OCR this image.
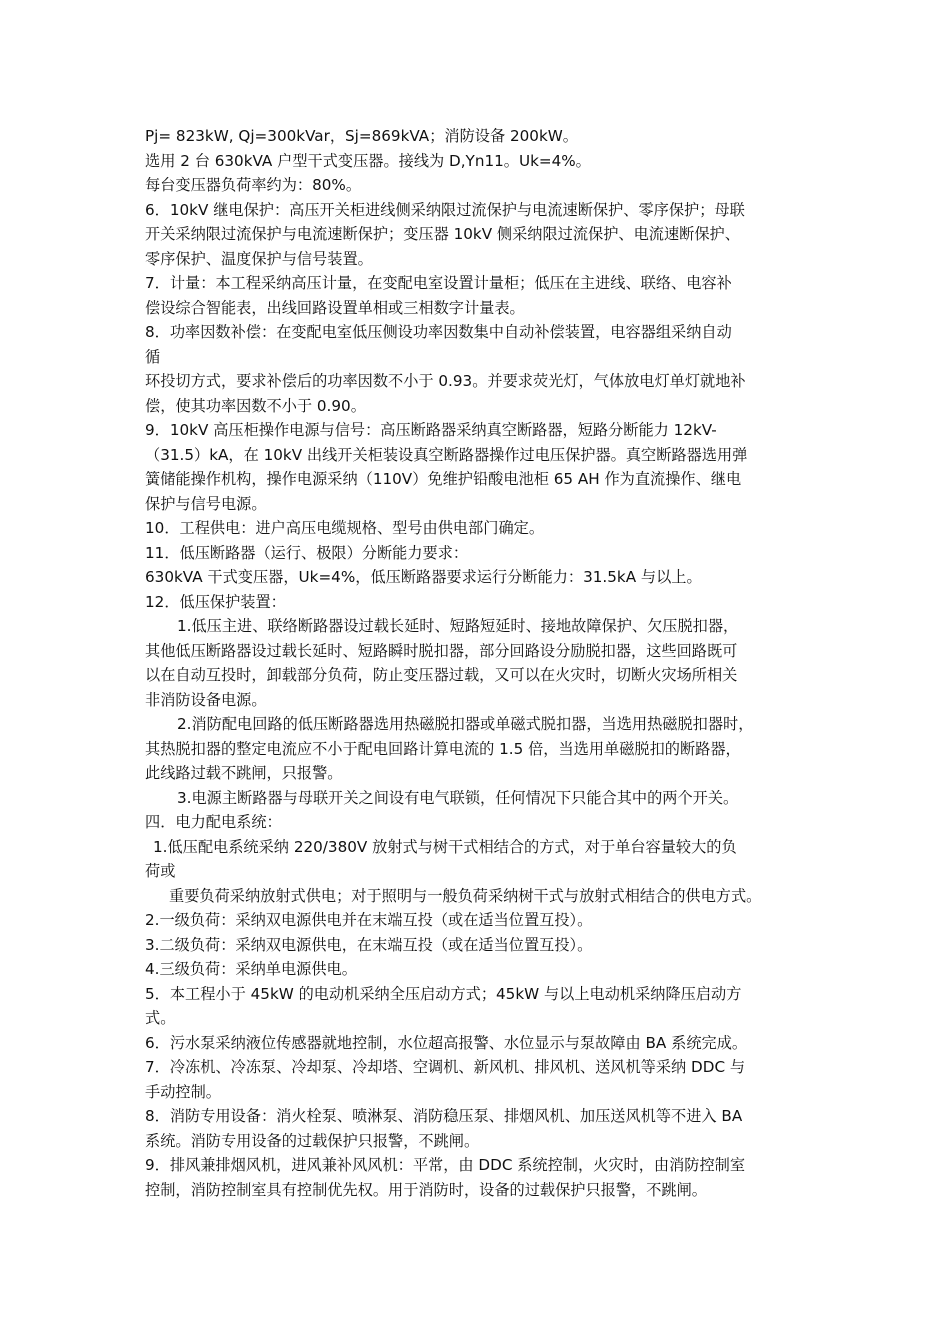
Pj= 823kW, Qj=300kVar，Sj=869kVA；消防设备 200kW。
选用 2 台 630kVA 户型干式变压器。接线为 D,Yn11。Uk=4%。
每台变压器负荷率约为：80%。
6．10kV 继电保护：高压开关柜进线侧采纳限过流保护与电流速断保护、零序保护；母联
开关采纳限过流保护与电流速断保护；变压器 10kV 侧采纳限过流保护、电流速断保护、
零序保护、温度保护与信号装置。
7．计量：本工程采纳高压计量，在变配电室设置计量柜；低压在主进线、联络、电容补
偿设综合智能表，出线回路设置单相或三相数字计量表。
8．功率因数补偿：在变配电室低压侧设功率因数集中自动补偿装置，电容器组采纳自动
循
环投切方式，要求补偿后的功率因数不小于 0.93。并要求荧光灯，气体放电灯单灯就地补
偿，使其功率因数不小于 0.90。
9．10kV 高压柜操作电源与信号：高压断路器采纳真空断路器，短路分断能力 12kV-
（31.5）kA，在 10kV 出线开关柜装设真空断路器操作过电压保护器。真空断路器选用弹
簧储能操作机构，操作电源采纳（110V）免维护铅酸电池柜 65 AH 作为直流操作、继电
保护与信号电源。
10．工程供电：进户高压电缆规格、型号由供电部门确定。
11．低压断路器（运行、极限）分断能力要求：
630kVA 干式变压器，Uk=4%，低压断路器要求运行分断能力：31.5kA 与以上。
12．低压保护装置：
1.低压主进、联络断路器设过载长延时、短路短延时、接地故障保护、欠压脱扣器，
其他低压断路器设过载长延时、短路瞬时脱扣器，部分回路设分励脱扣器，这些回路既可
以在自动互投时，卸载部分负荷，防止变压器过载，又可以在火灾时，切断火灾场所相关
非消防设备电源。
2.消防配电回路的低压断路器选用热磁脱扣器或单磁式脱扣器，当选用热磁脱扣器时，
其热脱扣器的整定电流应不小于配电回路计算电流的 1.5 倍，当选用单磁脱扣的断路器，
此线路过载不跳闸，只报警。
3.电源主断路器与母联开关之间设有电气联锁，任何情况下只能合其中的两个开关。
四．电力配电系统：
1.低压配电系统采纳 220/380V 放射式与树干式相结合的方式，对于单台容量较大的负
荷或
重要负荷采纳放射式供电；对于照明与一般负荷采纳树干式与放射式相结合的供电方式。
2.一级负荷：采纳双电源供电并在末端互投（或在适当位置互投）。
3.二级负荷：采纳双电源供电，在末端互投（或在适当位置互投）。
4.三级负荷：采纳单电源供电。
5．本工程小于 45kW 的电动机采纳全压启动方式；45kW 与以上电动机采纳降压启动方
式。
6．污水泵采纳液位传感器就地控制，水位超高报警、水位显示与泵故障由 BA 系统完成。
7．冷冻机、冷冻泵、冷却泵、冷却塔、空调机、新风机、排风机、送风机等采纳 DDC 与
手动控制。
8．消防专用设备：消火栓泵、喷淋泵、消防稳压泵、排烟风机、加压送风机等不进入 BA
系统。消防专用设备的过载保护只报警，不跳闸。
9．排风兼排烟风机，进风兼补风风机：平常，由 DDC 系统控制，火灾时，由消防控制室
控制，消防控制室具有控制优先权。用于消防时，设备的过载保护只报警，不跳闸。
